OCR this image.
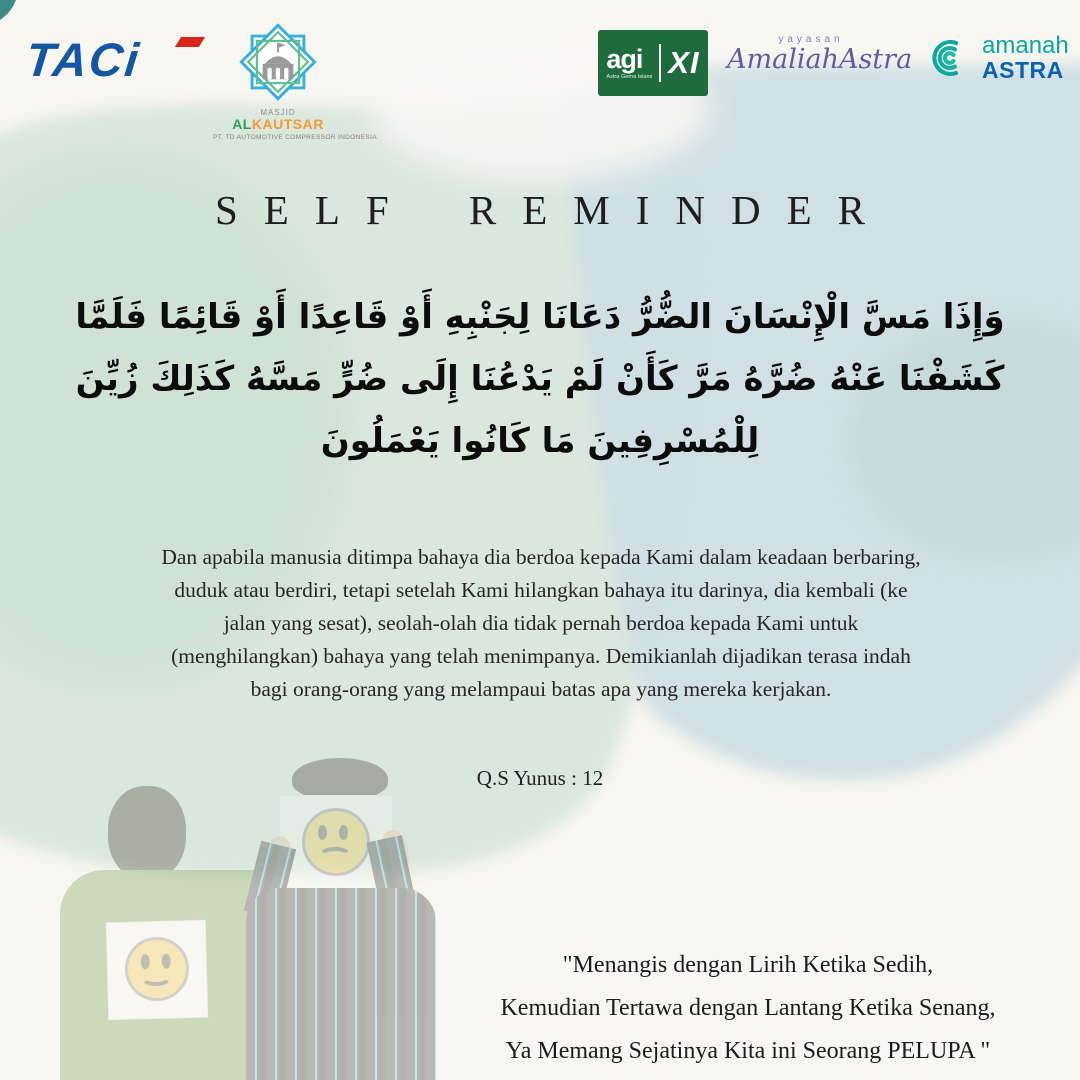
TACi
MASJID
ALKAUTSAR
PT. TD AUTOMOTIVE COMPRESSOR INDONESIA
agi
Astra Gema Islami XI
yayasan
AmaliahAstra	amanah
ASTRA
SELF REMINDER
وَإِذَا مَسَّ الْإِنْسَانَ الضُّرُّ دَعَانَا لِجَنْبِهِ أَوْ قَاعِدًا أَوْ قَائِمًا فَلَمَّا كَشَفْنَا عَنْهُ ضُرَّهُ مَرَّ كَأَنْ لَمْ يَدْعُنَا إِلَى ضُرٍّ مَسَّهُ كَذَلِكَ زُيِّنَ لِلْمُسْرِفِينَ مَا كَانُوا يَعْمَلُونَ
Dan apabila manusia ditimpa bahaya dia berdoa kepada Kami dalam keadaan berbaring, duduk atau berdiri, tetapi setelah Kami hilangkan bahaya itu darinya, dia kembali (ke jalan yang sesat), seolah-olah dia tidak pernah berdoa kepada Kami untuk (menghilangkan) bahaya yang telah menimpanya. Demikianlah dijadikan terasa indah bagi orang-orang yang melampaui batas apa yang mereka kerjakan.
Q.S Yunus : 12
"Menangis dengan Lirih Ketika Sedih,
Kemudian Tertawa dengan Lantang Ketika Senang,
Ya Memang Sejatinya Kita ini Seorang PELUPA "
